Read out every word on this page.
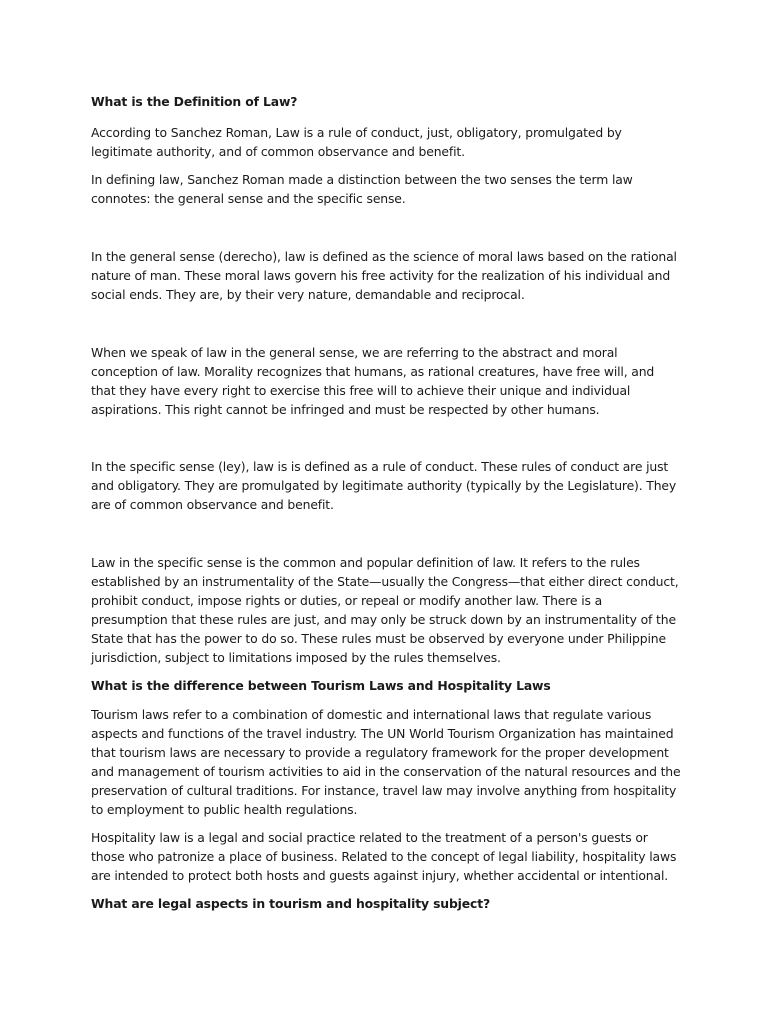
What is the Definition of Law?

According to Sanchez Roman, Law is a rule of conduct, just, obligatory, promulgated by legitimate authority, and of common observance and benefit.

In defining law, Sanchez Roman made a distinction between the two senses the term law connotes: the general sense and the specific sense.

In the general sense (derecho), law is defined as the science of moral laws based on the rational nature of man. These moral laws govern his free activity for the realization of his individual and social ends. They are, by their very nature, demandable and reciprocal.

When we speak of law in the general sense, we are referring to the abstract and moral conception of law. Morality recognizes that humans, as rational creatures, have free will, and that they have every right to exercise this free will to achieve their unique and individual aspirations. This right cannot be infringed and must be respected by other humans.

In the specific sense (ley), law is is defined as a rule of conduct. These rules of conduct are just and obligatory. They are promulgated by legitimate authority (typically by the Legislature). They are of common observance and benefit.

Law in the specific sense is the common and popular definition of law. It refers to the rules established by an instrumentality of the State—usually the Congress—that either direct conduct, prohibit conduct, impose rights or duties, or repeal or modify another law. There is a presumption that these rules are just, and may only be struck down by an instrumentality of the State that has the power to do so. These rules must be observed by everyone under Philippine jurisdiction, subject to limitations imposed by the rules themselves.

What is the difference between Tourism Laws and Hospitality Laws

Tourism laws refer to a combination of domestic and international laws that regulate various aspects and functions of the travel industry. The UN World Tourism Organization has maintained that tourism laws are necessary to provide a regulatory framework for the proper development and management of tourism activities to aid in the conservation of the natural resources and the preservation of cultural traditions. For instance, travel law may involve anything from hospitality to employment to public health regulations.

Hospitality law is a legal and social practice related to the treatment of a person's guests or those who patronize a place of business. Related to the concept of legal liability, hospitality laws are intended to protect both hosts and guests against injury, whether accidental or intentional.

What are legal aspects in tourism and hospitality subject?
